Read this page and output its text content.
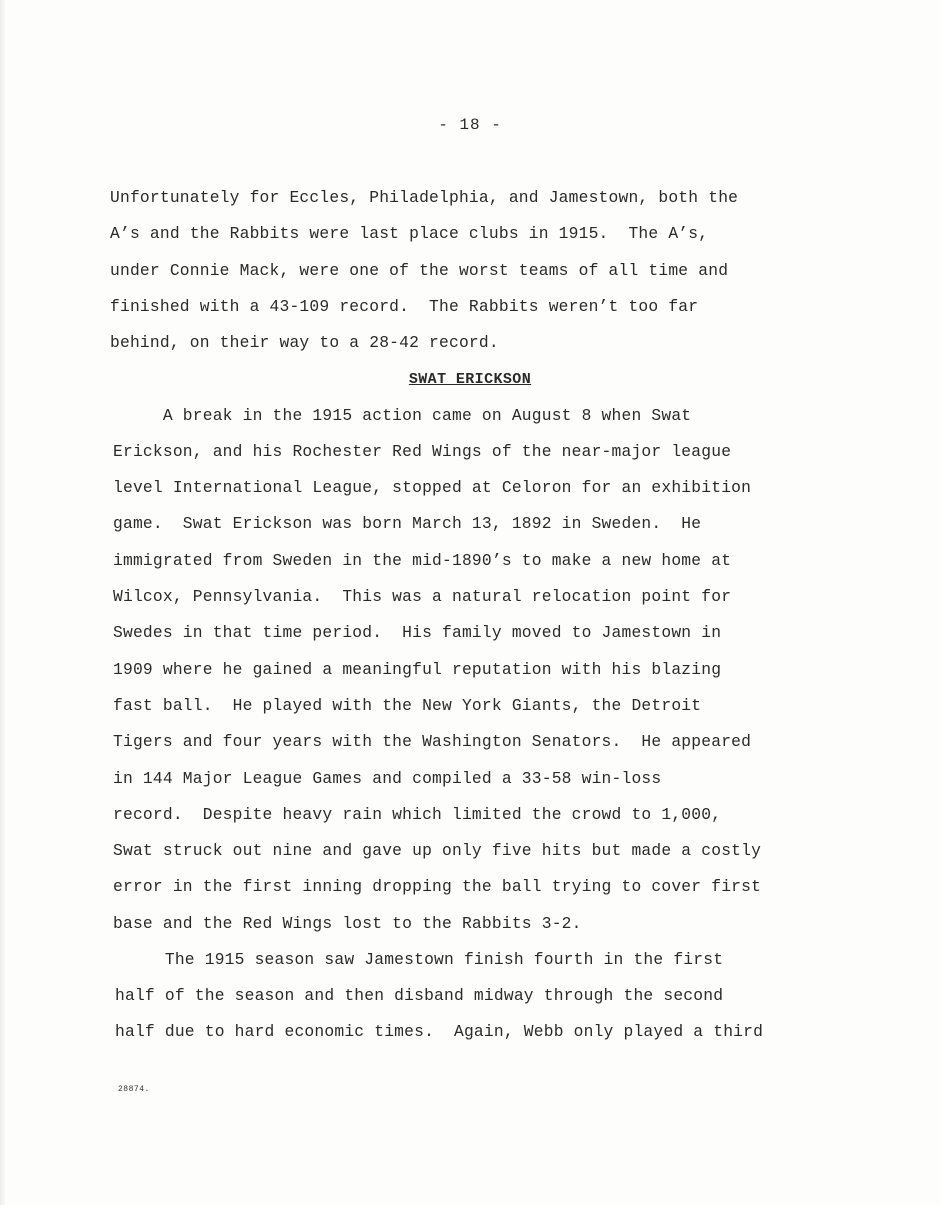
- 18 -
Unfortunately for Eccles, Philadelphia, and Jamestown, both the
A’s and the Rabbits were last place clubs in 1915.  The A’s,
under Connie Mack, were one of the worst teams of all time and
finished with a 43-109 record.  The Rabbits weren’t too far
behind, on their way to a 28-42 record.
SWAT ERICKSON
A break in the 1915 action came on August 8 when Swat
Erickson, and his Rochester Red Wings of the near-major league
level International League, stopped at Celoron for an exhibition
game.  Swat Erickson was born March 13, 1892 in Sweden.  He
immigrated from Sweden in the mid-1890’s to make a new home at
Wilcox, Pennsylvania.  This was a natural relocation point for
Swedes in that time period.  His family moved to Jamestown in
1909 where he gained a meaningful reputation with his blazing
fast ball.  He played with the New York Giants, the Detroit
Tigers and four years with the Washington Senators.  He appeared
in 144 Major League Games and compiled a 33-58 win-loss
record.  Despite heavy rain which limited the crowd to 1,000,
Swat struck out nine and gave up only five hits but made a costly
error in the first inning dropping the ball trying to cover first
base and the Red Wings lost to the Rabbits 3-2.
The 1915 season saw Jamestown finish fourth in the first
half of the season and then disband midway through the second
half due to hard economic times.  Again, Webb only played a third
28874.
